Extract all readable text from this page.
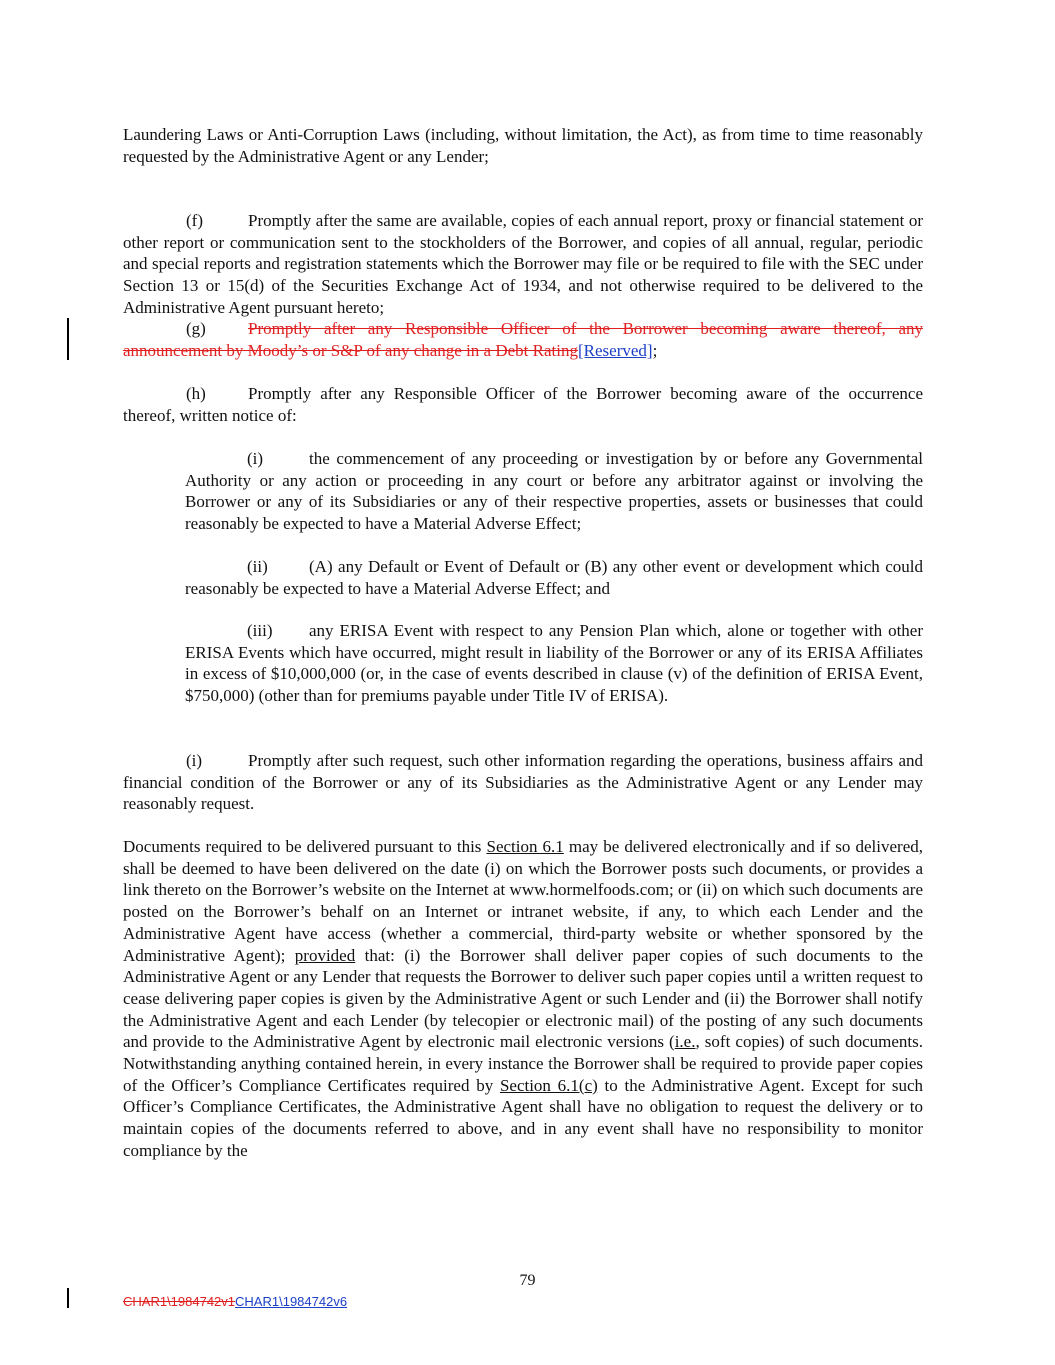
Laundering Laws or Anti-Corruption Laws (including, without limitation, the Act), as from time to time reasonably requested by the Administrative Agent or any Lender;
(f)	Promptly after the same are available, copies of each annual report, proxy or financial statement or other report or communication sent to the stockholders of the Borrower, and copies of all annual, regular, periodic and special reports and registration statements which the Borrower may file or be required to file with the SEC under Section 13 or 15(d) of the Securities Exchange Act of 1934, and not otherwise required to be delivered to the Administrative Agent pursuant hereto;
(g) Promptly after any Responsible Officer of the Borrower becoming aware thereof, any announcement by Moody’s or S&P of any change in a Debt Rating[Reserved];
(h) Promptly after any Responsible Officer of the Borrower becoming aware of the occurrence thereof, written notice of:
(i)	the commencement of any proceeding or investigation by or before any Governmental Authority or any action or proceeding in any court or before any arbitrator against or involving the Borrower or any of its Subsidiaries or any of their respective properties, assets or businesses that could reasonably be expected to have a Material Adverse Effect;
(ii) (A) any Default or Event of Default or (B) any other event or development which could reasonably be expected to have a Material Adverse Effect; and
(iii) any ERISA Event with respect to any Pension Plan which, alone or together with other ERISA Events which have occurred, might result in liability of the Borrower or any of its ERISA Affiliates in excess of $10,000,000 (or, in the case of events described in clause (v) of the definition of ERISA Event, $750,000) (other than for premiums payable under Title IV of ERISA).
(i)	Promptly after such request, such other information regarding the operations, business affairs and financial condition of the Borrower or any of its Subsidiaries as the Administrative Agent or any Lender may reasonably request.
Documents required to be delivered pursuant to this Section 6.1 may be delivered electronically and if so delivered, shall be deemed to have been delivered on the date (i) on which the Borrower posts such documents, or provides a link thereto on the Borrower’s website on the Internet at www.hormelfoods.com; or (ii) on which such documents are posted on the Borrower’s behalf on an Internet or intranet website, if any, to which each Lender and the Administrative Agent have access (whether a commercial, third-party website or whether sponsored by the Administrative Agent); provided that: (i) the Borrower shall deliver paper copies of such documents to the Administrative Agent or any Lender that requests the Borrower to deliver such paper copies until a written request to cease delivering paper copies is given by the Administrative Agent or such Lender and (ii) the Borrower shall notify the Administrative Agent and each Lender (by telecopier or electronic mail) of the posting of any such documents and provide to the Administrative Agent by electronic mail electronic versions (i.e., soft copies) of such documents. Notwithstanding anything contained herein, in every instance the Borrower shall be required to provide paper copies of the Officer’s Compliance Certificates required by Section 6.1(c) to the Administrative Agent. Except for such Officer’s Compliance Certificates, the Administrative Agent shall have no obligation to request the delivery or to maintain copies of the documents referred to above, and in any event shall have no responsibility to monitor compliance by the
79
CHAR1\1984742v1CHAR1\1984742v6
